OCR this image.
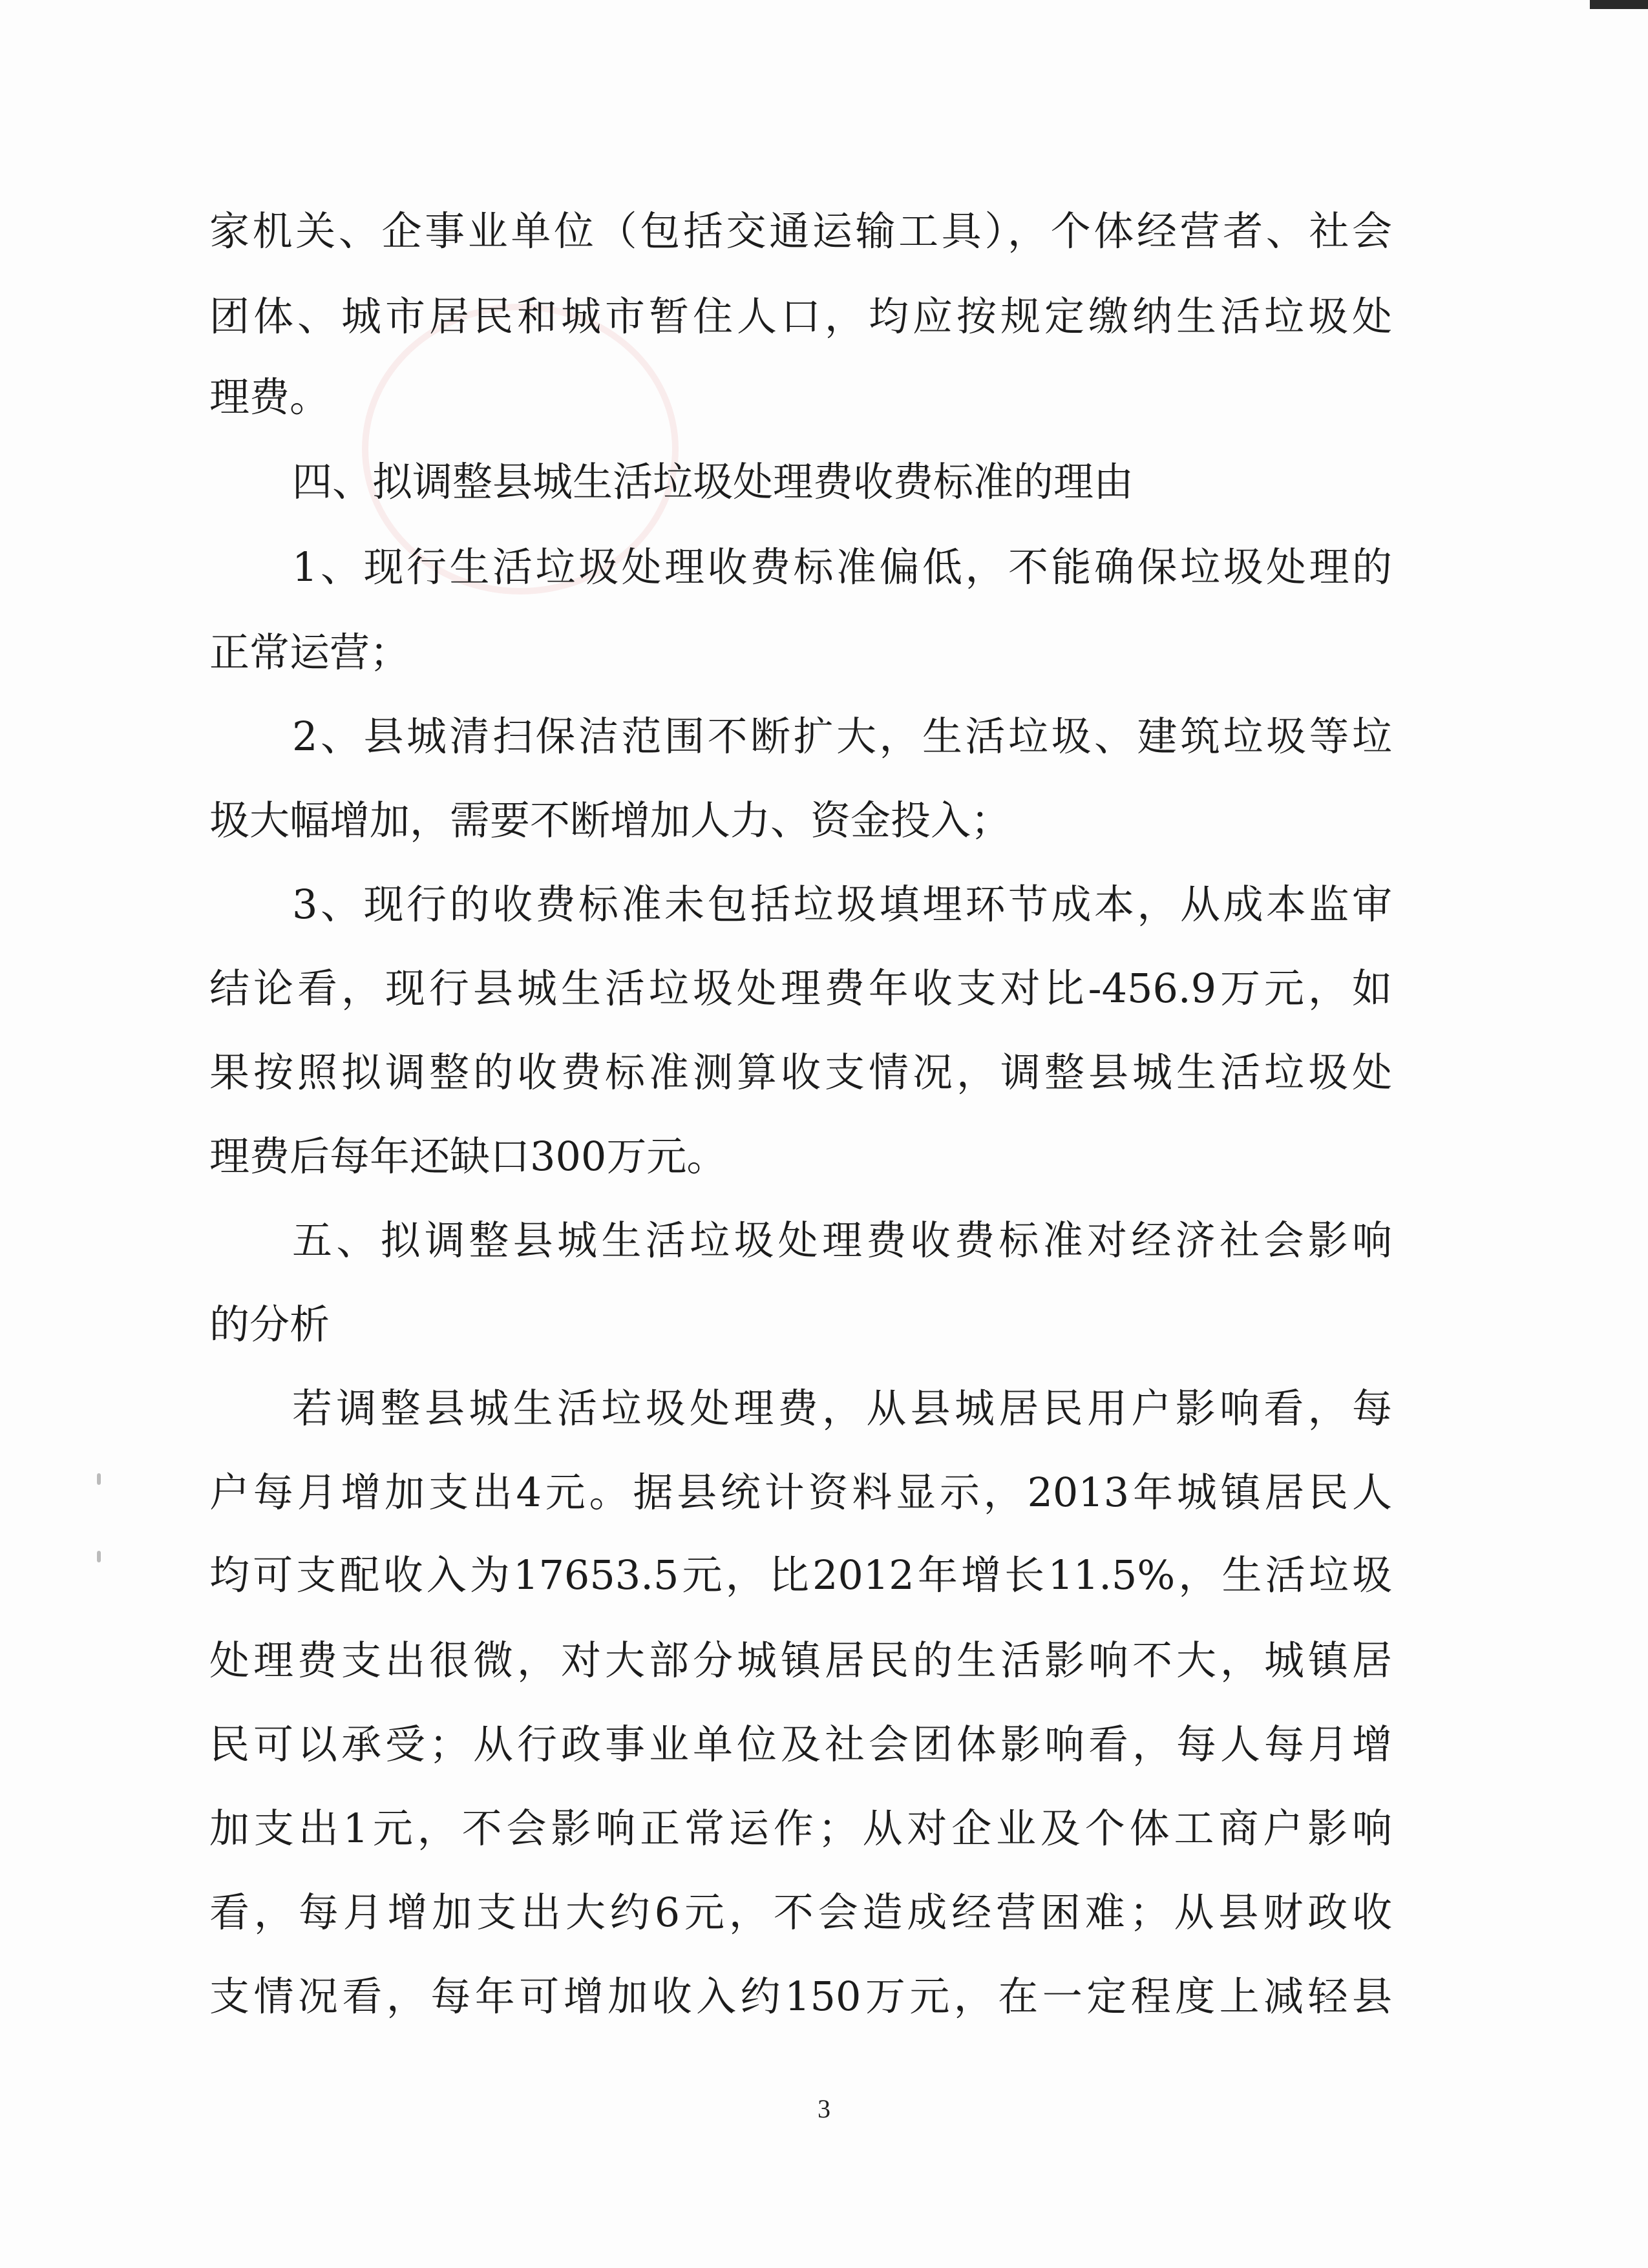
家机关、企事业单位（包括交通运输工具），个体经营者、社会
团体、城市居民和城市暂住人口，均应按规定缴纳生活垃圾处
理费。
四、拟调整县城生活垃圾处理费收费标准的理由
1、现行生活垃圾处理收费标准偏低，不能确保垃圾处理的
正常运营；
2、县城清扫保洁范围不断扩大，生活垃圾、建筑垃圾等垃
圾大幅增加，需要不断增加人力、资金投入；
3、现行的收费标准未包括垃圾填埋环节成本，从成本监审
结论看，现行县城生活垃圾处理费年收支对比-456.9万元，如
果按照拟调整的收费标准测算收支情况，调整县城生活垃圾处
理费后每年还缺口300万元。
五、拟调整县城生活垃圾处理费收费标准对经济社会影响
的分析
若调整县城生活垃圾处理费，从县城居民用户影响看，每
户每月增加支出4元。据县统计资料显示，2013年城镇居民人
均可支配收入为17653.5元，比2012年增长11.5%，生活垃圾
处理费支出很微，对大部分城镇居民的生活影响不大，城镇居
民可以承受；从行政事业单位及社会团体影响看，每人每月增
加支出1元，不会影响正常运作；从对企业及个体工商户影响
看，每月增加支出大约6元，不会造成经营困难；从县财政收
支情况看，每年可增加收入约150万元，在一定程度上减轻县
3
